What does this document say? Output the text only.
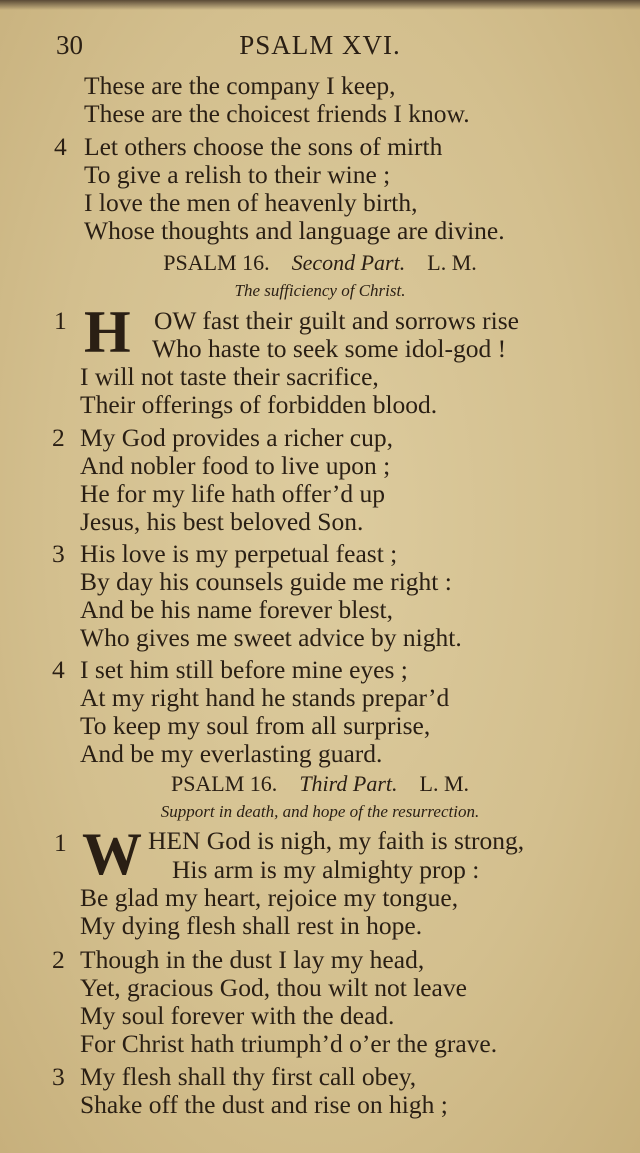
30	PSALM XVI.
These are the company I keep,
These are the choicest friends I know.
4 Let others choose the sons of mirth
To give a relish to their wine ;
I love the men of heavenly birth,
Whose thoughts and language are divine.
PSALM 16. Second Part. L. M.
The sufficiency of Christ.
1 H OW fast their guilt and sorrows rise
Who haste to seek some idol-god !
I will not taste their sacrifice,
Their offerings of forbidden blood.
2 My God provides a richer cup,
And nobler food to live upon ;
He for my life hath offer’d up
Jesus, his best beloved Son.
3 His love is my perpetual feast ;
By day his counsels guide me right :
And be his name forever blest,
Who gives me sweet advice by night.
4 I set him still before mine eyes ;
At my right hand he stands prepar’d
To keep my soul from all surprise,
And be my everlasting guard.
PSALM 16. Third Part. L. M.
Support in death, and hope of the resurrection.
1 W HEN God is nigh, my faith is strong,
His arm is my almighty prop :
Be glad my heart, rejoice my tongue,
My dying flesh shall rest in hope.
2 Though in the dust I lay my head,
Yet, gracious God, thou wilt not leave
My soul forever with the dead.
For Christ hath triumph’d o’er the grave.
3 My flesh shall thy first call obey,
Shake off the dust and rise on high ;
